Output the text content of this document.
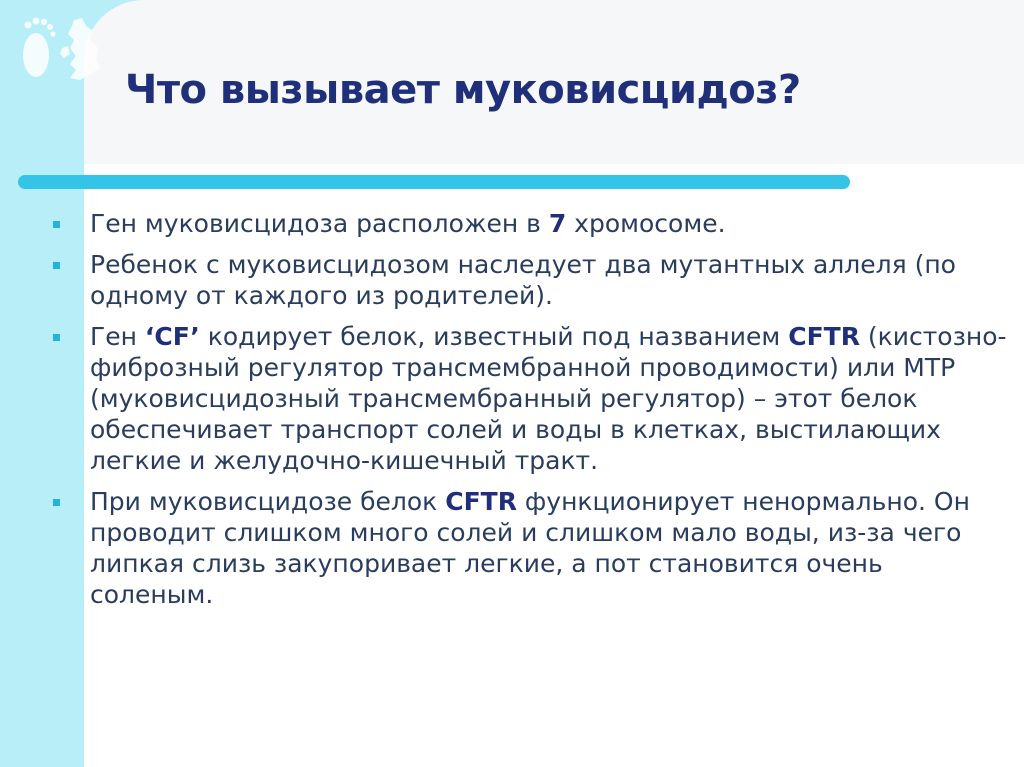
Что вызывает муковисцидоз?
Ген муковисцидоза расположен в 7 хромосоме.
Ребенок с муковисцидозом наследует два мутантных аллеля (по одному от каждого из родителей).
Ген ‘CF’ кодирует белок, известный под названием CFTR (кистозно-фиброзный регулятор трансмембранной проводимости) или МТР (муковисцидозный трансмембранный регулятор) – этот белок обеспечивает транспорт солей и воды в клетках, выстилающих легкие и желудочно-кишечный тракт.
При муковисцидозе белок CFTR функционирует ненормально. Он проводит слишком много солей и слишком мало воды, из-за чего липкая слизь закупоривает легкие, а пот становится очень соленым.
